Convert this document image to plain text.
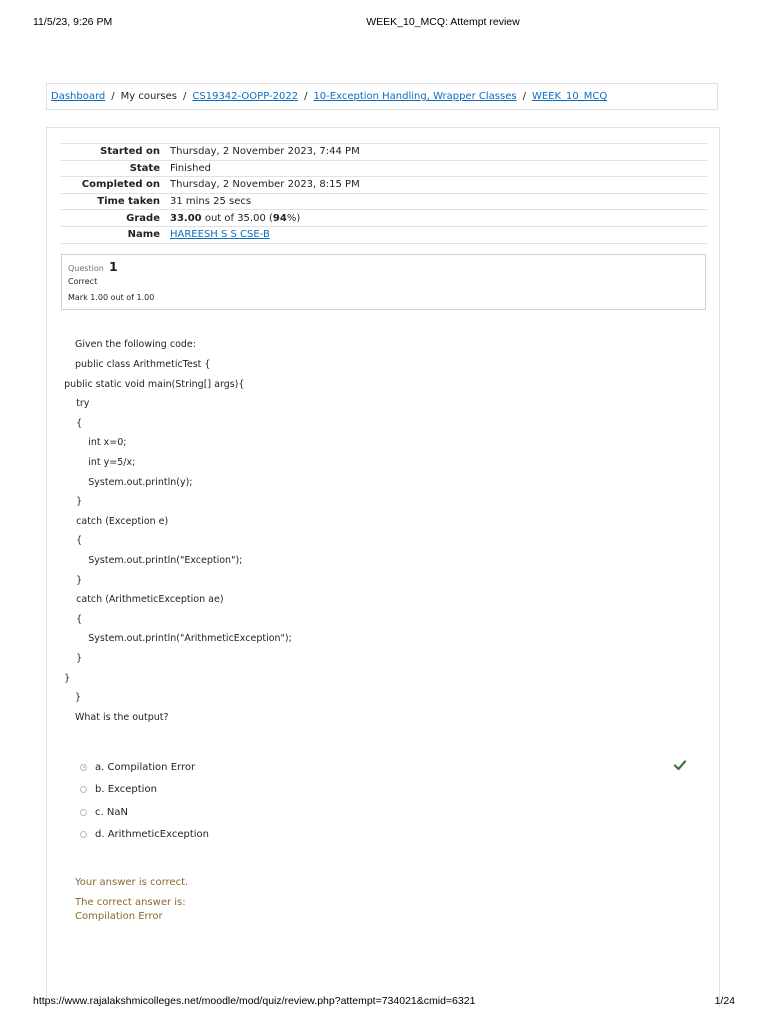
11/5/23, 9:26 PM	WEEK_10_MCQ: Attempt review
Dashboard / My courses / CS19342-OOPP-2022 / 10-Exception Handling, Wrapper Classes / WEEK_10_MCQ
Started on	Thursday, 2 November 2023, 7:44 PM
State	Finished
Completed on	Thursday, 2 November 2023, 8:15 PM
Time taken	31 mins 25 secs
Grade	33.00 out of 35.00 (94%)
Name	HAREESH S S CSE-B
Question 1
Correct
Mark 1.00 out of 1.00
Given the following code:
public class ArithmeticTest {
public static void main(String[] args){
try
{
int x=0;
int y=5/x;
System.out.println(y);
}
catch (Exception e)
{
System.out.println("Exception");
}
catch (ArithmeticException ae)
{
System.out.println("ArithmeticException");
}
}
}
What is the output?
a. Compilation Error
b. Exception
c. NaN
d. ArithmeticException
Your answer is correct.
The correct answer is:
Compilation Error
https://www.rajalakshmicolleges.net/moodle/mod/quiz/review.php?attempt=734021&cmid=6321	1/24
